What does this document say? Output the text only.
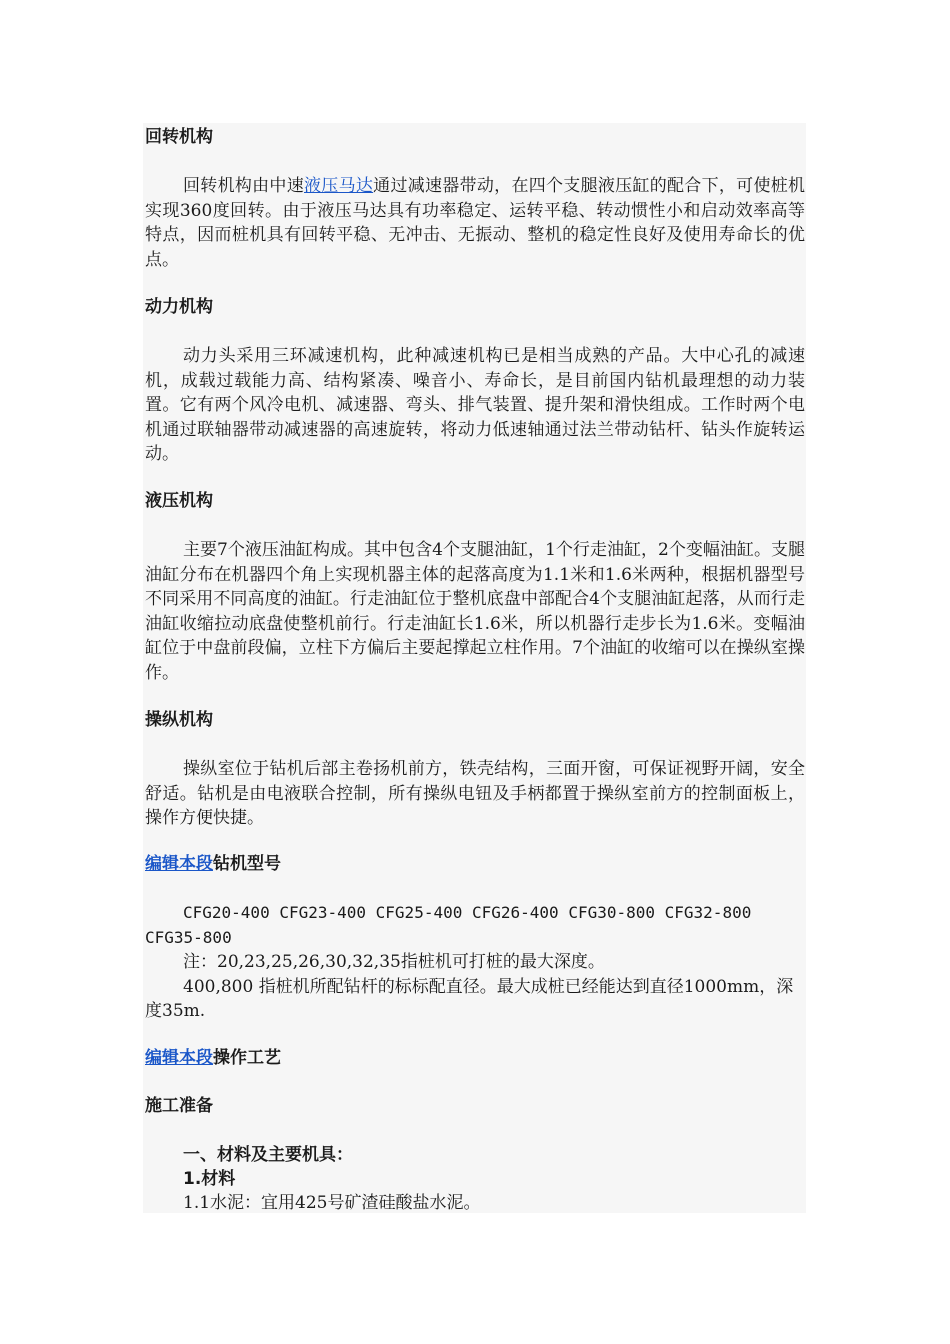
回转机构

回转机构由中速液压马达通过减速器带动，在四个支腿液压缸的配合下，可使桩机实现360度回转。由于液压马达具有功率稳定、运转平稳、转动惯性小和启动效率高等特点，因而桩机具有回转平稳、无冲击、无振动、整机的稳定性良好及使用寿命长的优点。

动力机构

动力头采用三环减速机构，此种减速机构已是相当成熟的产品。大中心孔的减速机，成载过载能力高、结构紧凑、噪音小、寿命长，是目前国内钻机最理想的动力装置。它有两个风冷电机、减速器、弯头、排气装置、提升架和滑快组成。工作时两个电机通过联轴器带动减速器的高速旋转，将动力低速轴通过法兰带动钻杆、钻头作旋转运动。

液压机构

主要7个液压油缸构成。其中包含4个支腿油缸，1个行走油缸，2个变幅油缸。支腿油缸分布在机器四个角上实现机器主体的起落高度为1.1米和1.6米两种，根据机器型号不同采用不同高度的油缸。行走油缸位于整机底盘中部配合4个支腿油缸起落，从而行走油缸收缩拉动底盘使整机前行。行走油缸长1.6米，所以机器行走步长为1.6米。变幅油缸位于中盘前段偏，立柱下方偏后主要起撑起立柱作用。7个油缸的收缩可以在操纵室操作。

操纵机构

操纵室位于钻机后部主卷扬机前方，铁壳结构，三面开窗，可保证视野开阔，安全舒适。钻机是由电液联合控制，所有操纵电钮及手柄都置于操纵室前方的控制面板上，操作方便快捷。

编辑本段钻机型号

CFG20-400 CFG23-400 CFG25-400 CFG26-400 CFG30-800 CFG32-800 CFG35-800

注：20,23,25,26,30,32,35指桩机可打桩的最大深度。

400,800 指桩机所配钻杆的标标配直径。最大成桩已经能达到直径1000mm，深度35m.

编辑本段操作工艺

施工准备

一、材料及主要机具：

1.材料

1.1水泥：宜用425号矿渣硅酸盐水泥。
